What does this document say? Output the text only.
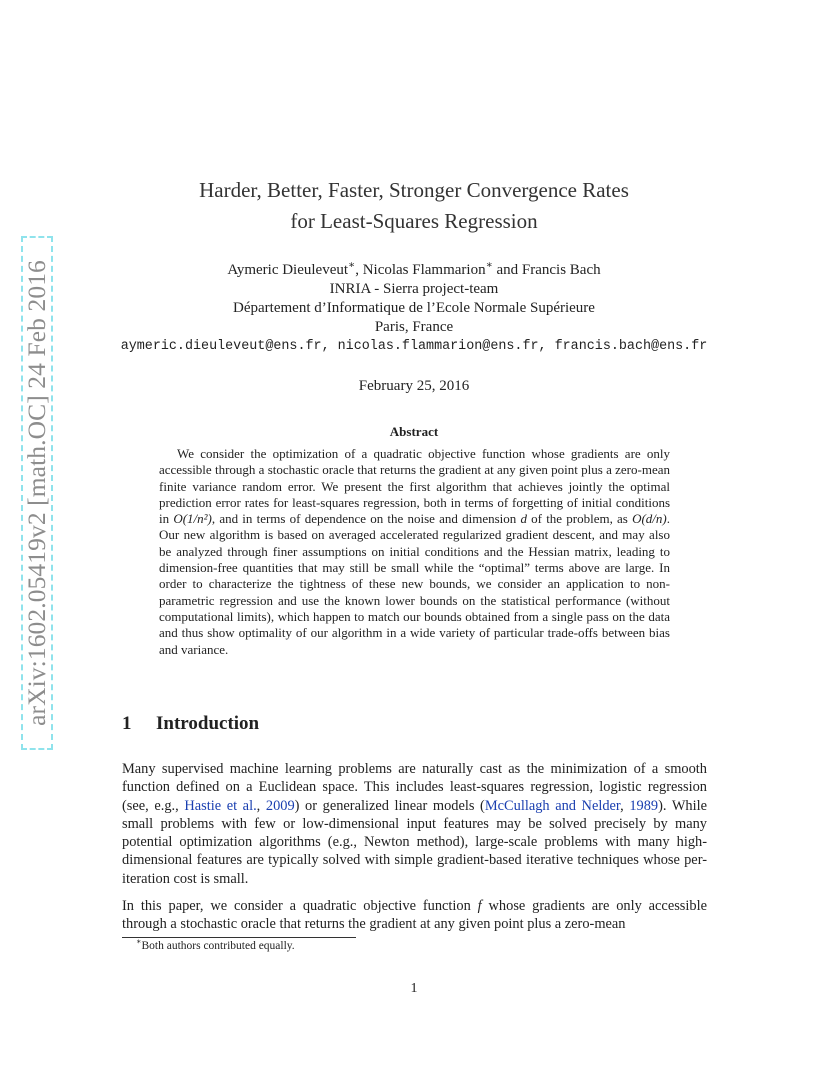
arXiv:1602.05419v2 [math.OC] 24 Feb 2016
Harder, Better, Faster, Stronger Convergence Rates
for Least-Squares Regression
Aymeric Dieuleveut∗, Nicolas Flammarion∗ and Francis Bach
INRIA - Sierra project-team
Département d’Informatique de l’Ecole Normale Supérieure
Paris, France
aymeric.dieuleveut@ens.fr, nicolas.flammarion@ens.fr, francis.bach@ens.fr
February 25, 2016
Abstract
We consider the optimization of a quadratic objective function whose gradients are only accessible through a stochastic oracle that returns the gradient at any given point plus a zero-mean finite variance random error. We present the first algorithm that achieves jointly the optimal prediction error rates for least-squares regression, both in terms of forgetting of initial conditions in O(1/n²), and in terms of dependence on the noise and dimension d of the problem, as O(d/n). Our new algorithm is based on averaged accelerated regularized gradient descent, and may also be analyzed through finer assumptions on initial conditions and the Hessian matrix, leading to dimension-free quantities that may still be small while the “optimal” terms above are large. In order to characterize the tightness of these new bounds, we consider an application to non-parametric regression and use the known lower bounds on the statistical performance (without computational limits), which happen to match our bounds obtained from a single pass on the data and thus show optimality of our algorithm in a wide variety of particular trade-offs between bias and variance.
1 Introduction
Many supervised machine learning problems are naturally cast as the minimization of a smooth function defined on a Euclidean space. This includes least-squares regression, logistic regression (see, e.g., Hastie et al., 2009) or generalized linear models (McCullagh and Nelder, 1989). While small problems with few or low-dimensional input features may be solved precisely by many potential optimization algorithms (e.g., Newton method), large-scale problems with many high-dimensional features are typically solved with simple gradient-based iterative techniques whose per-iteration cost is small.
In this paper, we consider a quadratic objective function f whose gradients are only accessible through a stochastic oracle that returns the gradient at any given point plus a zero-mean
∗Both authors contributed equally.
1
